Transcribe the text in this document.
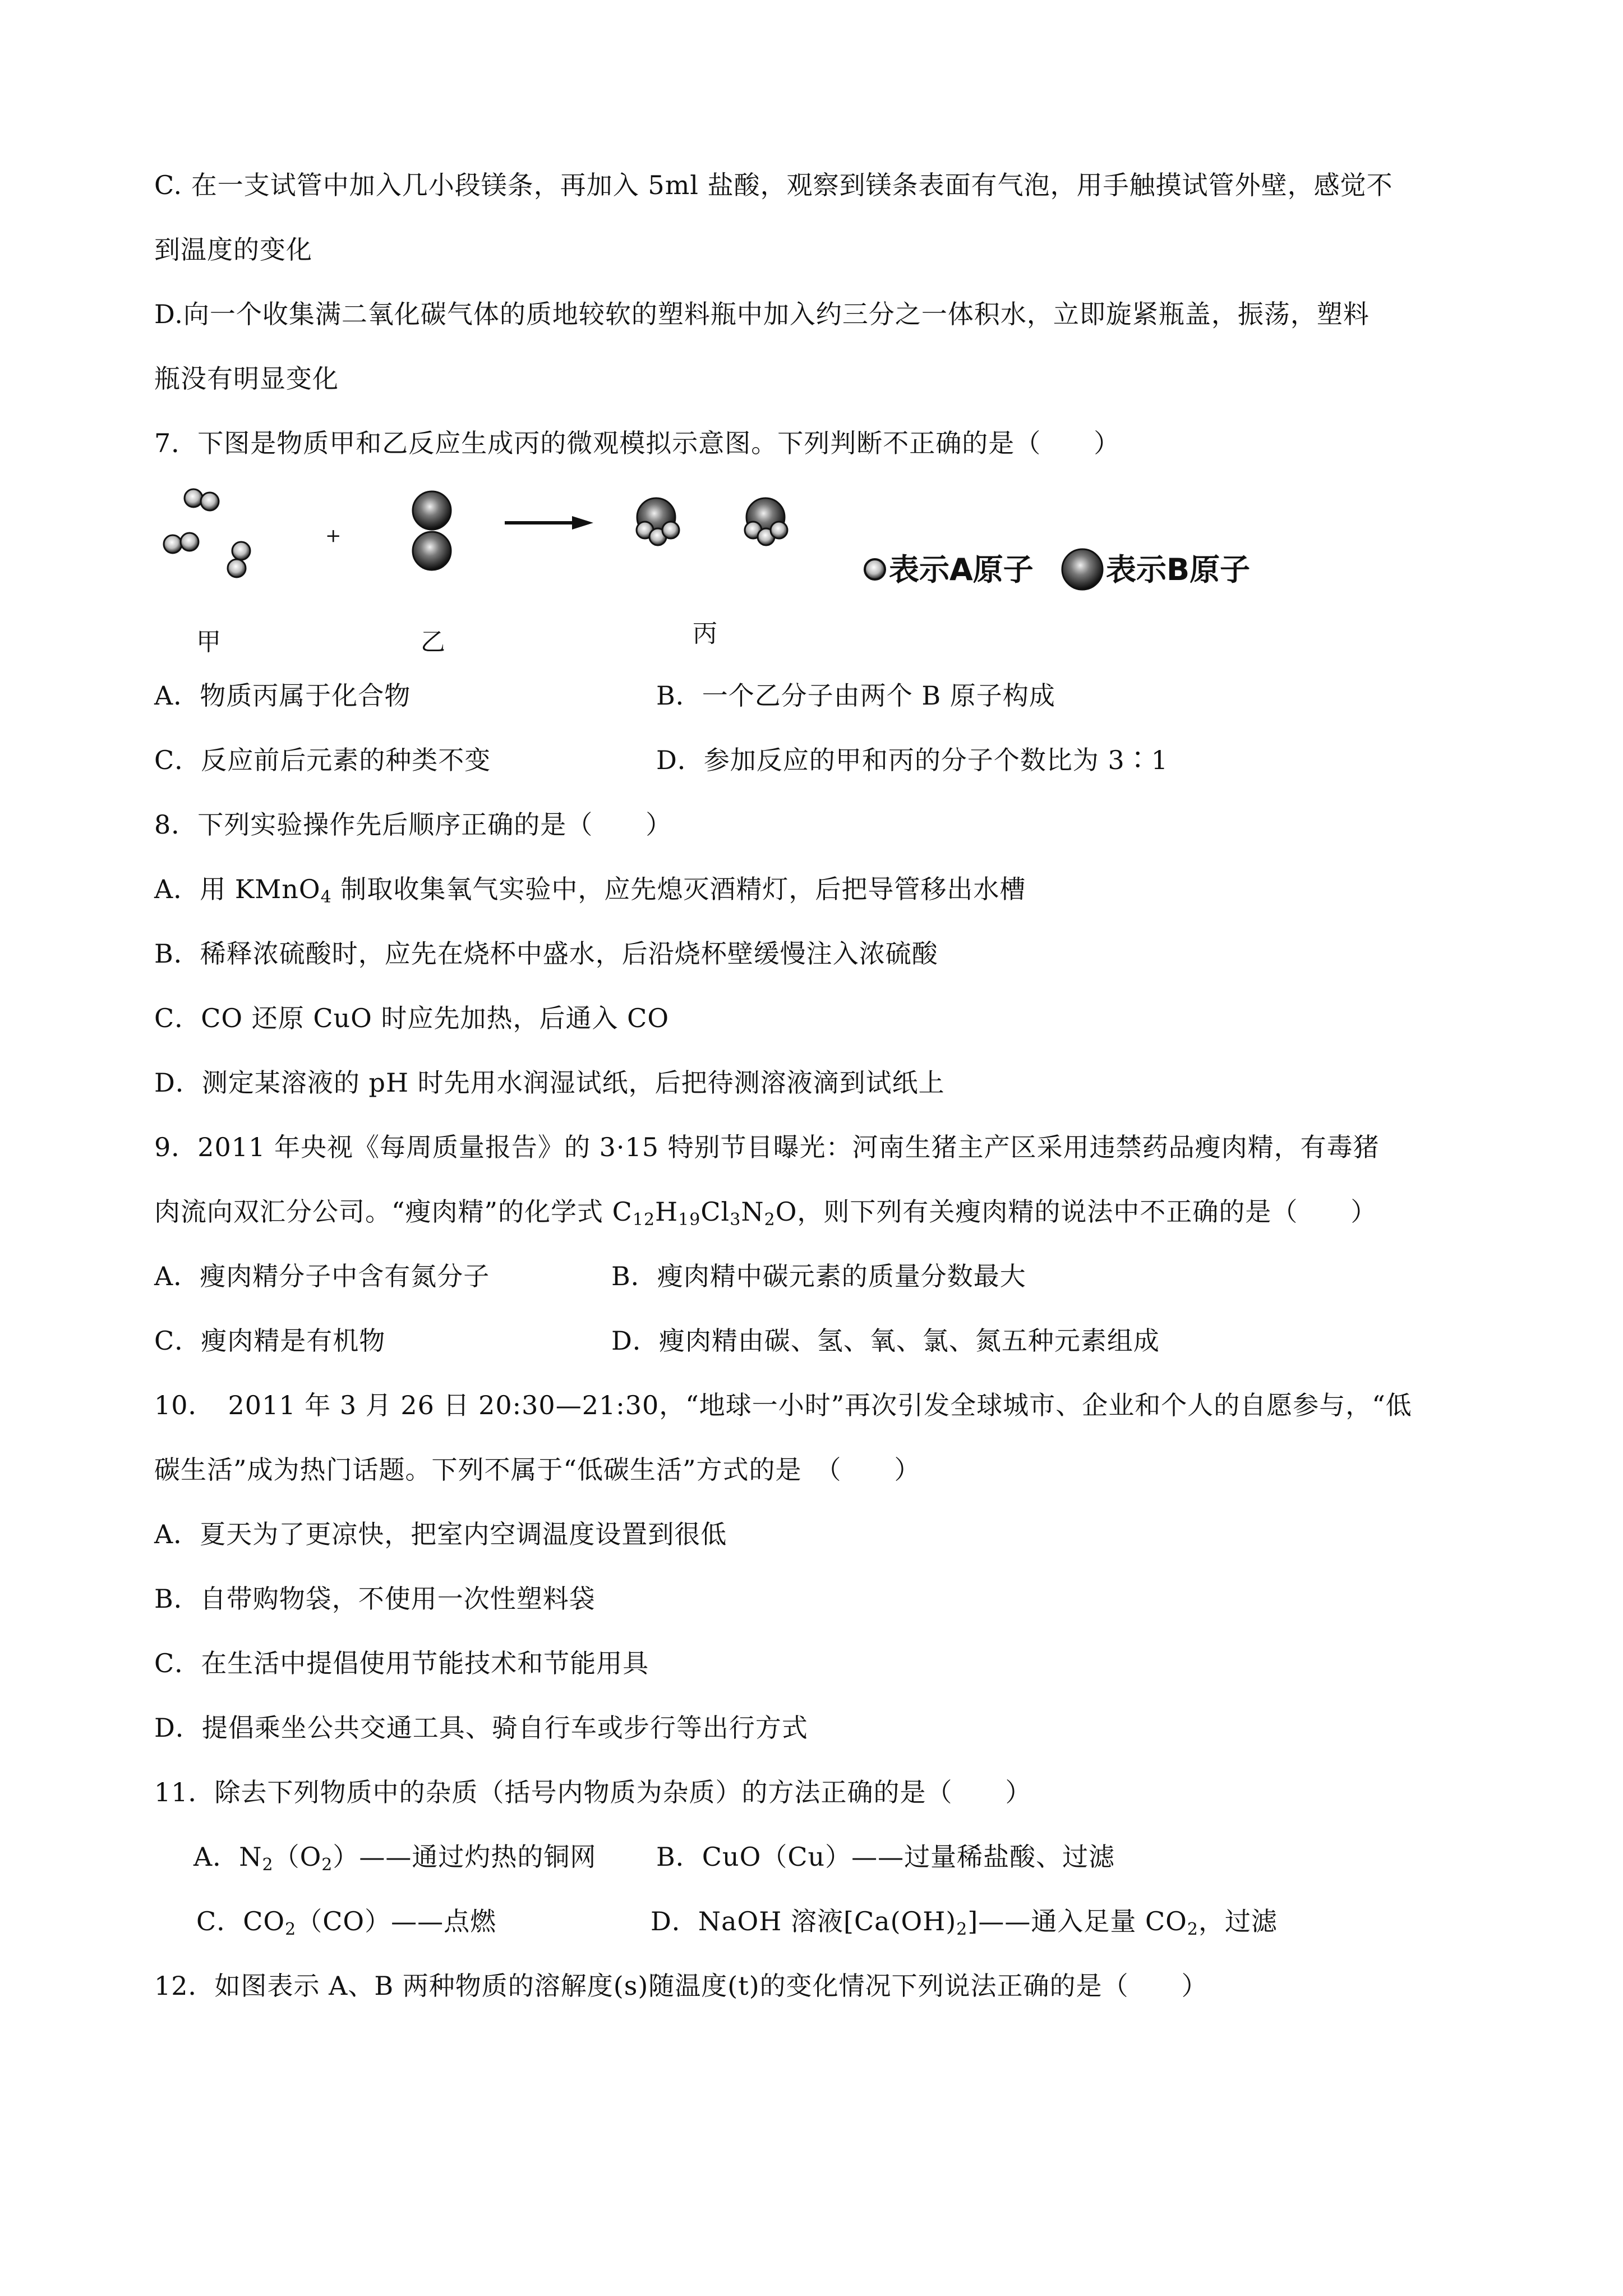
C. 在一支试管中加入几小段镁条，再加入 5ml 盐酸，观察到镁条表面有气泡，用手触摸试管外壁，感觉不
到温度的变化
D.向一个收集满二氧化碳气体的质地较软的塑料瓶中加入约三分之一体积水，立即旋紧瓶盖，振荡，塑料
瓶没有明显变化
7．下图是物质甲和乙反应生成丙的微观模拟示意图。下列判断不正确的是（　　）
甲
+
乙	丙
表示A原子 表示B原子
A．物质丙属于化合物	B．一个乙分子由两个 B 原子构成
C．反应前后元素的种类不变	D．参加反应的甲和丙的分子个数比为 3∶1
8．下列实验操作先后顺序正确的是（　　）
A．用 KMnO$_4$ 制取收集氧气实验中，应先熄灭酒精灯，后把导管移出水槽
B．稀释浓硫酸时，应先在烧杯中盛水，后沿烧杯壁缓慢注入浓硫酸
C．CO 还原 CuO 时应先加热，后通入 CO
D．测定某溶液的 pH 时先用水润湿试纸，后把待测溶液滴到试纸上
9．2011 年央视《每周质量报告》的 3·15 特别节目曝光：河南生猪主产区采用违禁药品瘦肉精，有毒猪
肉流向双汇分公司。“瘦肉精”的化学式 $C_{12}H_{19}Cl_3N_2O$，则下列有关瘦肉精的说法中不正确的是（　　）
A．瘦肉精分子中含有氮分子	B．瘦肉精中碳元素的质量分数最大
C．瘦肉精是有机物	D．瘦肉精由碳、氢、氧、氯、氮五种元素组成
10．　2011 年 3 月 26 日 20:30—21:30，“地球一小时”再次引发全球城市、企业和个人的自愿参与，“低
碳生活”成为热门话题。下列不属于“低碳生活”方式的是　（　　）
A．夏天为了更凉快，把室内空调温度设置到很低
B．自带购物袋，不使用一次性塑料袋
C．在生活中提倡使用节能技术和节能用具
D．提倡乘坐公共交通工具、骑自行车或步行等出行方式
11．除去下列物质中的杂质（括号内物质为杂质）的方法正确的是（　　）
A．$N_2(O_2)——$通过灼热的铜网 B．CuO（Cu）——过量稀盐酸、过滤
C．$CO_2(CO)——$点燃	D．NaOH 溶液$[Ca(OH)_2]——$通入足量 $CO_2$，过滤
12．如图表示 A、B 两种物质的溶解度(s)随温度(t)的变化情况下列说法正确的是（　　）
